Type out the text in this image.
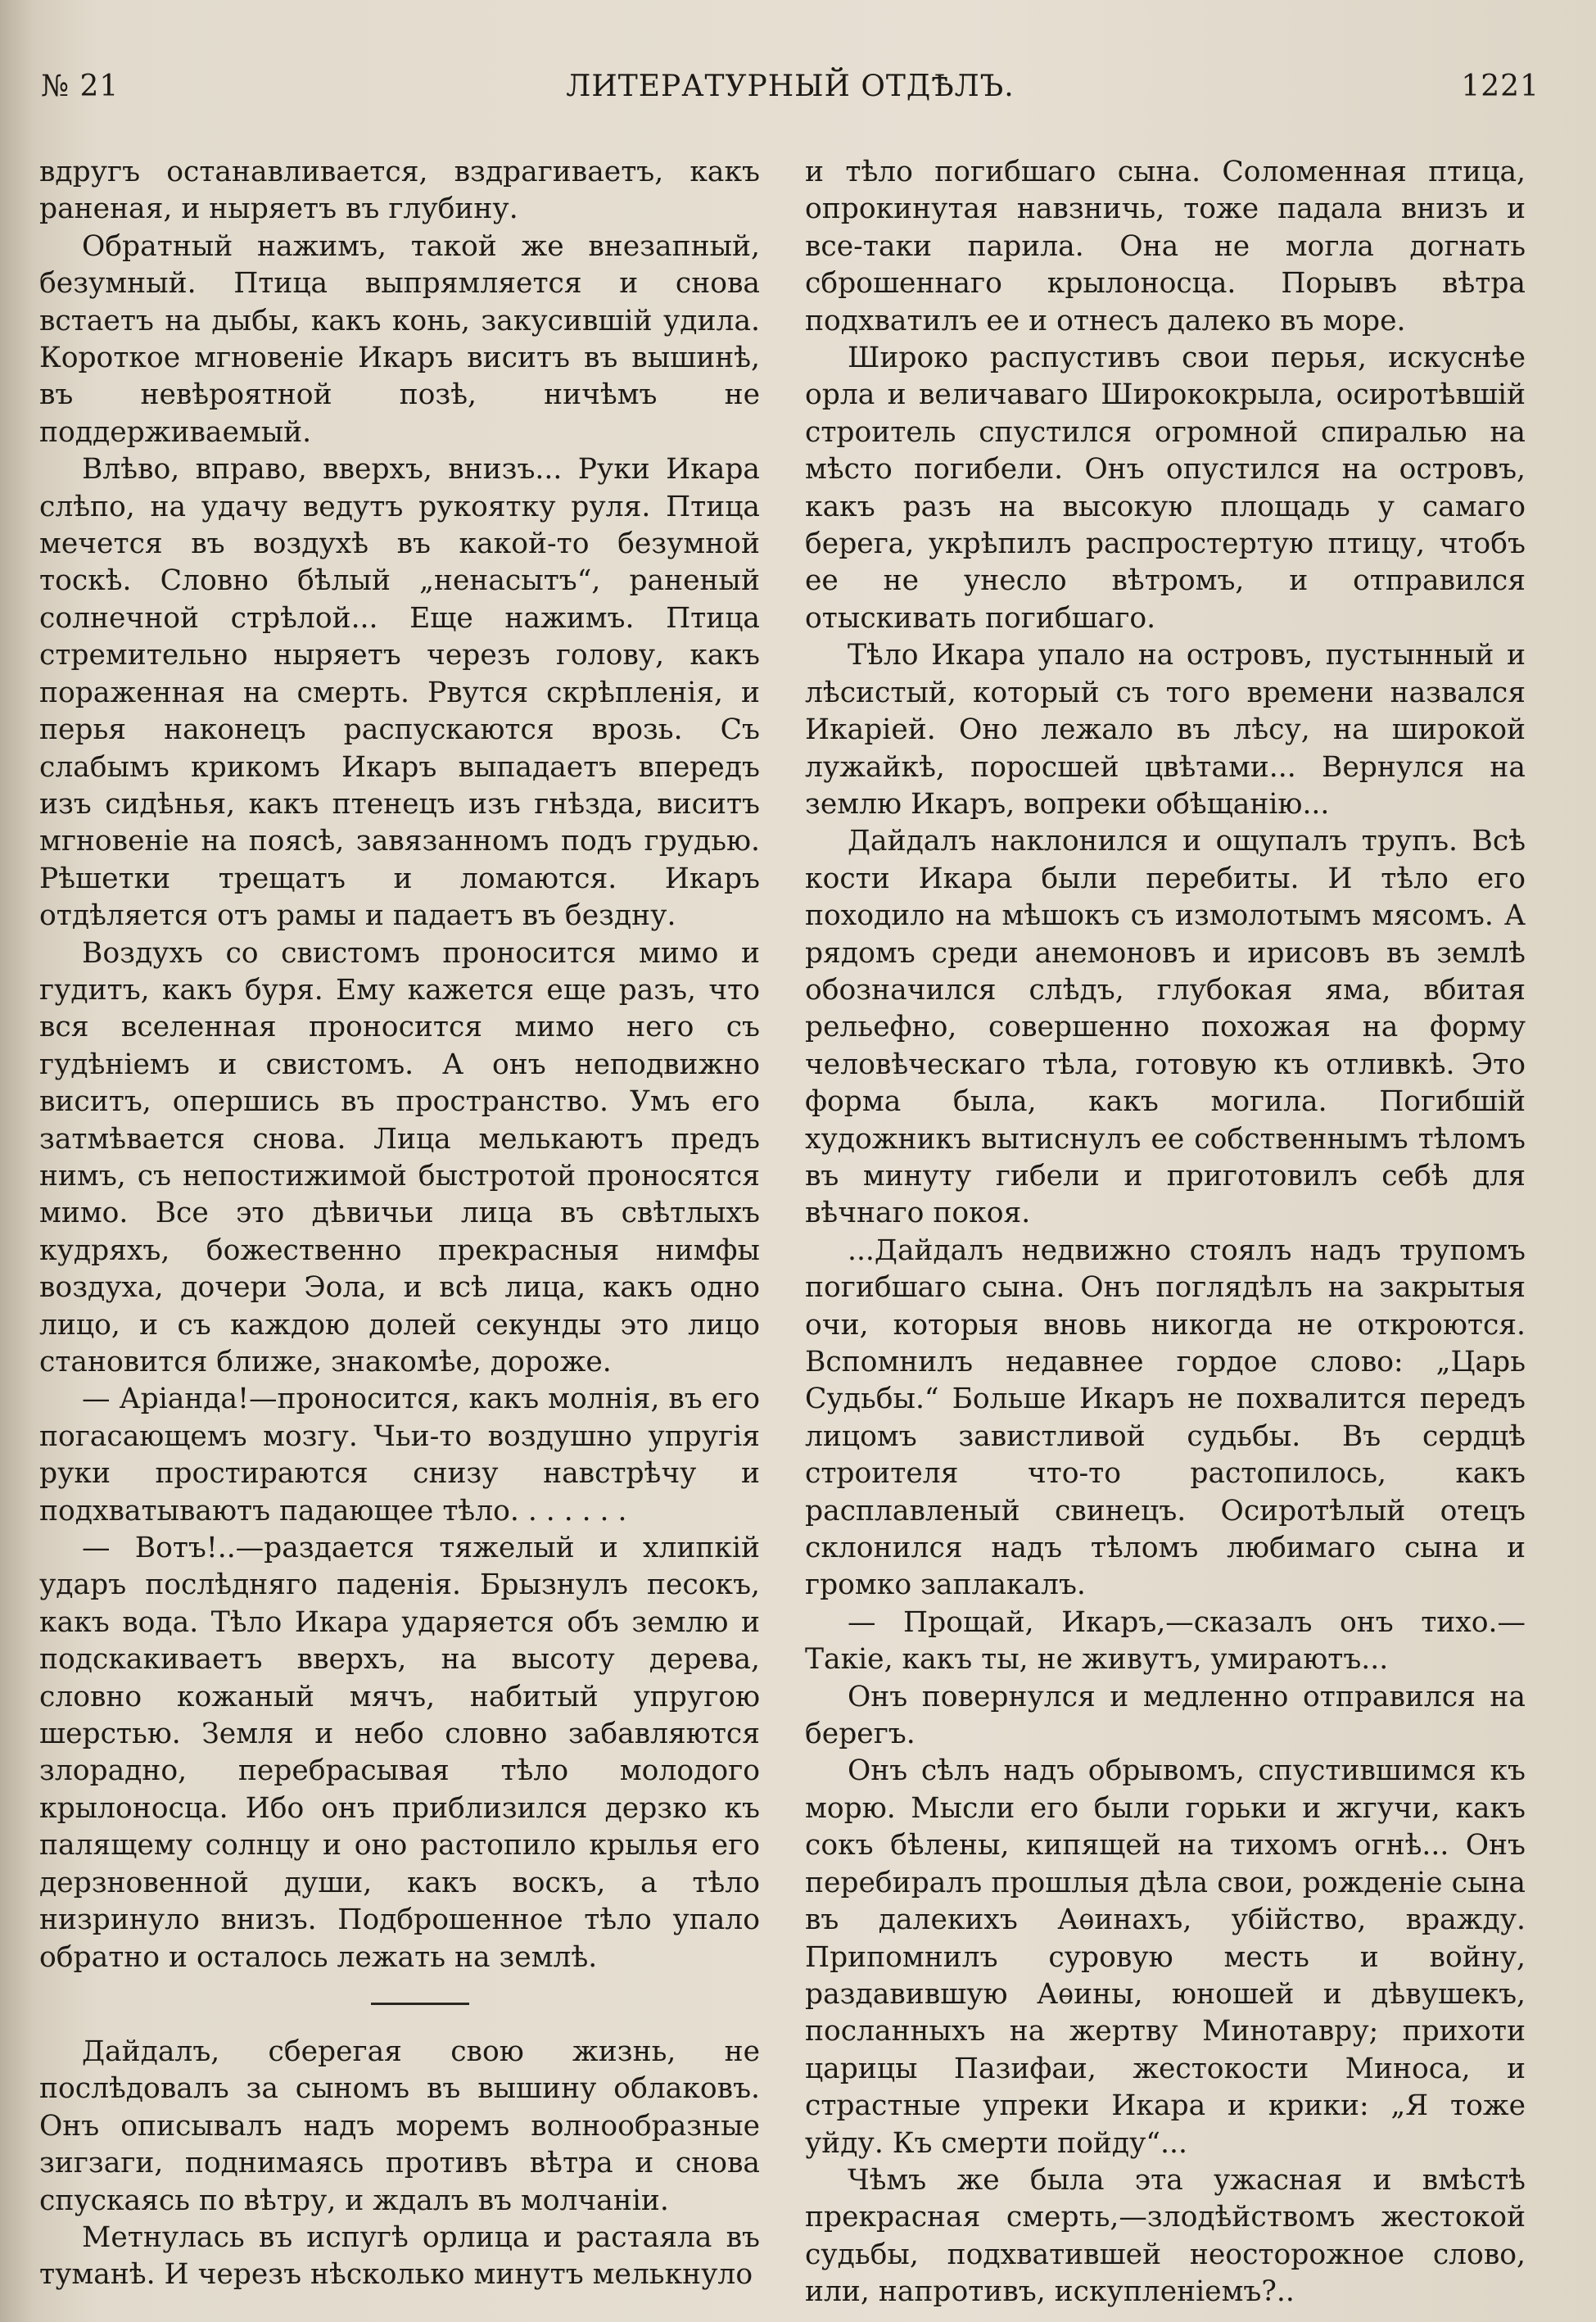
№ 21	ЛИТЕРАТУРНЫЙ ОТДѢЛЪ.	1221

вдругъ останавливается, вздрагиваетъ, какъ раненая, и ныряетъ въ глубину.

Обратный нажимъ, такой же внезапный, безумный. Птица выпрямляется и снова встаетъ на дыбы, какъ конь, закусившій удила. Короткое мгновеніе Икаръ виситъ въ вышинѣ, въ невѣроятной позѣ, ничѣмъ не поддерживаемый.

Влѣво, вправо, вверхъ, внизъ... Руки Икара слѣпо, на удачу ведутъ рукоятку руля. Птица мечется въ воздухѣ въ какой-то безумной тоскѣ. Словно бѣлый „ненасытъ“, раненый солнечной стрѣлой... Еще нажимъ. Птица стремительно ныряетъ черезъ голову, какъ пораженная на смерть. Рвутся скрѣпленія, и перья наконецъ распускаются врозь. Съ слабымъ крикомъ Икаръ выпадаетъ впередъ изъ сидѣнья, какъ птенецъ изъ гнѣзда, виситъ мгновеніе на поясѣ, завязанномъ подъ грудью. Рѣшетки трещатъ и ломаются. Икаръ отдѣляется отъ рамы и падаетъ въ бездну.

Воздухъ со свистомъ проносится мимо и гудитъ, какъ буря. Ему кажется еще разъ, что вся вселенная проносится мимо него съ гудѣніемъ и свистомъ. А онъ неподвижно виситъ, опершись въ пространство. Умъ его затмѣвается снова. Лица мелькаютъ предъ нимъ, съ непостижимой быстротой проносятся мимо. Все это дѣвичьи лица въ свѣтлыхъ кудряхъ, божественно прекрасныя нимфы воздуха, дочери Эола, и всѣ лица, какъ одно лицо, и съ каждою долей секунды это лицо становится ближе, знакомѣе, дороже.

— Аріанда!—проносится, какъ молнія, въ его погасающемъ мозгу. Чьи-то воздушно упругія руки простираются снизу навстрѣчу и подхватываютъ падающее тѣло. . . . . . .

— Вотъ!..—раздается тяжелый и хлипкій ударъ послѣдняго паденія. Брызнулъ песокъ, какъ вода. Тѣло Икара ударяется объ землю и подскакиваетъ вверхъ, на высоту дерева, словно кожаный мячъ, набитый упругою шерстью. Земля и небо словно забавляются злорадно, перебрасывая тѣло молодого крылоносца. Ибо онъ приблизился дерзко къ палящему солнцу и оно растопило крылья его дерзновенной души, какъ воскъ, а тѣло низринуло внизъ. Подброшенное тѣло упало обратно и осталось лежать на землѣ.

Дайдалъ, сберегая свою жизнь, не послѣдовалъ за сыномъ въ вышину облаковъ. Онъ описывалъ надъ моремъ волнообразные зигзаги, поднимаясь противъ вѣтра и снова спускаясь по вѣтру, и ждалъ въ молчаніи.

Метнулась въ испугѣ орлица и растаяла въ туманѣ. И черезъ нѣсколько минутъ мелькнуло

и тѣло погибшаго сына. Соломенная птица, опрокинутая навзничь, тоже падала внизъ и все-таки парила. Она не могла догнать сброшеннаго крылоносца. Порывъ вѣтра подхватилъ ее и отнесъ далеко въ море.

Широко распустивъ свои перья, искуснѣе орла и величаваго Ширококрыла, осиротѣвшій строитель спустился огромной спиралью на мѣсто погибели. Онъ опустился на островъ, какъ разъ на высокую площадь у самаго берега, укрѣпилъ распростертую птицу, чтобъ ее не унесло вѣтромъ, и отправился отыскивать погибшаго.

Тѣло Икара упало на островъ, пустынный и лѣсистый, который съ того времени назвался Икаріей. Оно лежало въ лѣсу, на широкой лужайкѣ, поросшей цвѣтами... Вернулся на землю Икаръ, вопреки обѣщанію...

Дайдалъ наклонился и ощупалъ трупъ. Всѣ кости Икара были перебиты. И тѣло его походило на мѣшокъ съ измолотымъ мясомъ. А рядомъ среди анемоновъ и ирисовъ въ землѣ обозначился слѣдъ, глубокая яма, вбитая рельефно, совершенно похожая на форму человѣческаго тѣла, готовую къ отливкѣ. Это форма была, какъ могила. Погибшій художникъ вытиснулъ ее собственнымъ тѣломъ въ минуту гибели и приготовилъ себѣ для вѣчнаго покоя.

...Дайдалъ недвижно стоялъ надъ трупомъ погибшаго сына. Онъ поглядѣлъ на закрытыя очи, которыя вновь никогда не откроются. Вспомнилъ недавнее гордое слово: „Царь Судьбы.“ Больше Икаръ не похвалится передъ лицомъ завистливой судьбы. Въ сердцѣ строителя что-то растопилось, какъ расплавленый свинецъ. Осиротѣлый отецъ склонился надъ тѣломъ любимаго сына и громко заплакалъ.

— Прощай, Икаръ,—сказалъ онъ тихо.— Такіе, какъ ты, не живутъ, умираютъ...

Онъ повернулся и медленно отправился на берегъ.

Онъ сѣлъ надъ обрывомъ, спустившимся къ морю. Мысли его были горьки и жгучи, какъ сокъ бѣлены, кипящей на тихомъ огнѣ... Онъ перебиралъ прошлыя дѣла свои, рожденіе сына въ далекихъ Аѳинахъ, убійство, вражду. Припомнилъ суровую месть и войну, раздавившую Аѳины, юношей и дѣвушекъ, посланныхъ на жертву Минотавру; прихоти царицы Пазифаи, жестокости Миноса, и страстные упреки Икара и крики: „Я тоже уйду. Къ смерти пойду“...

Чѣмъ же была эта ужасная и вмѣстѣ прекрасная смерть,—злодѣйствомъ жестокой судьбы, подхватившей неосторожное слово, или, напротивъ, искупленіемъ?..
